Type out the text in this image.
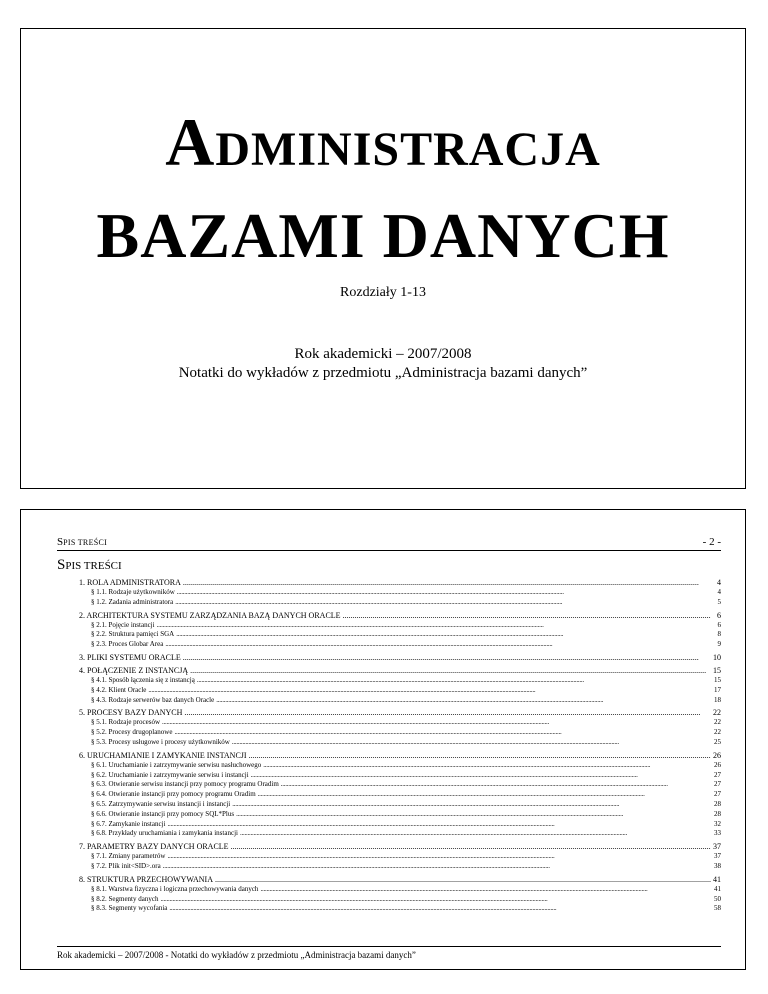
ADMINISTRACJA
BAZAMI DANYCH
Rozdziały 1-13
Rok akademicki – 2007/2008
Notatki do wykładów z przedmiotu „Administracja bazami danych”
SPIS TREŚCI	- 2 -
SPIS TREŚCI
1. ROLA ADMINISTRATORA . . .	4
§ 1.1. Rodzaje użytkowników . . .	4
§ 1.2. Zadania administratora . . .	5
2. ARCHITEKTURA SYSTEMU ZARZĄDZANIA BAZĄ DANYCH ORACLE . . .	6
§ 2.1. Pojęcie instancji . . .	6
§ 2.2. Struktura pamięci SGA . . .	8
§ 2.3. Proces Globar Area . . .	9
3. PLIKI SYSTEMU ORACLE . . .	10
4. POŁĄCZENIE Z INSTANCJĄ . . .	15
§ 4.1. Sposób łączenia się z instancją . . .	15
§ 4.2. Klient Oracle . . .	17
§ 4.3. Rodzaje serwerów baz danych Oracle . . .	18
5. PROCESY BAZY DANYCH . . .	22
§ 5.1. Rodzaje procesów . . .	22
§ 5.2. Procesy drugoplanowe . . .	22
§ 5.3. Procesy usługowe i procesy użytkowników . . .	25
6. URUCHAMIANIE I ZAMYKANIE INSTANCJI . . .	26
§ 6.1. Uruchamianie i zatrzymywanie serwisu nasłuchowego . . .	26
§ 6.2. Uruchamianie i zatrzymywanie serwisu i instancji . . .	27
§ 6.3. Otwieranie serwisu instancji przy pomocy programu Oradim . . .	27
§ 6.4. Otwieranie instancji przy pomocy programu Oradim . . .	27
§ 6.5. Zatrzymywanie serwisu instancji i instancji . . .	28
§ 6.6. Otwieranie instancji przy pomocy SQL*Plus . . .	28
§ 6.7. Zamykanie instancji . . .	32
§ 6.8. Przykłady uruchamiania i zamykania instancji . . .	33
7. PARAMETRY BAZY DANYCH ORACLE . . .	37
§ 7.1. Zmiany parametrów . . .	37
§ 7.2. Plik init<SID>.ora . . .	38
8. STRUKTURA PRZECHOWYWANIA . . .	41
§ 8.1. Warstwa fizyczna i logiczna przechowywania danych . . .	41
§ 8.2. Segmenty danych . . .	50
§ 8.3. Segmenty wycofania . . .	58
Rok akademicki – 2007/2008 - Notatki do wykładów z przedmiotu „Administracja bazami danych”
